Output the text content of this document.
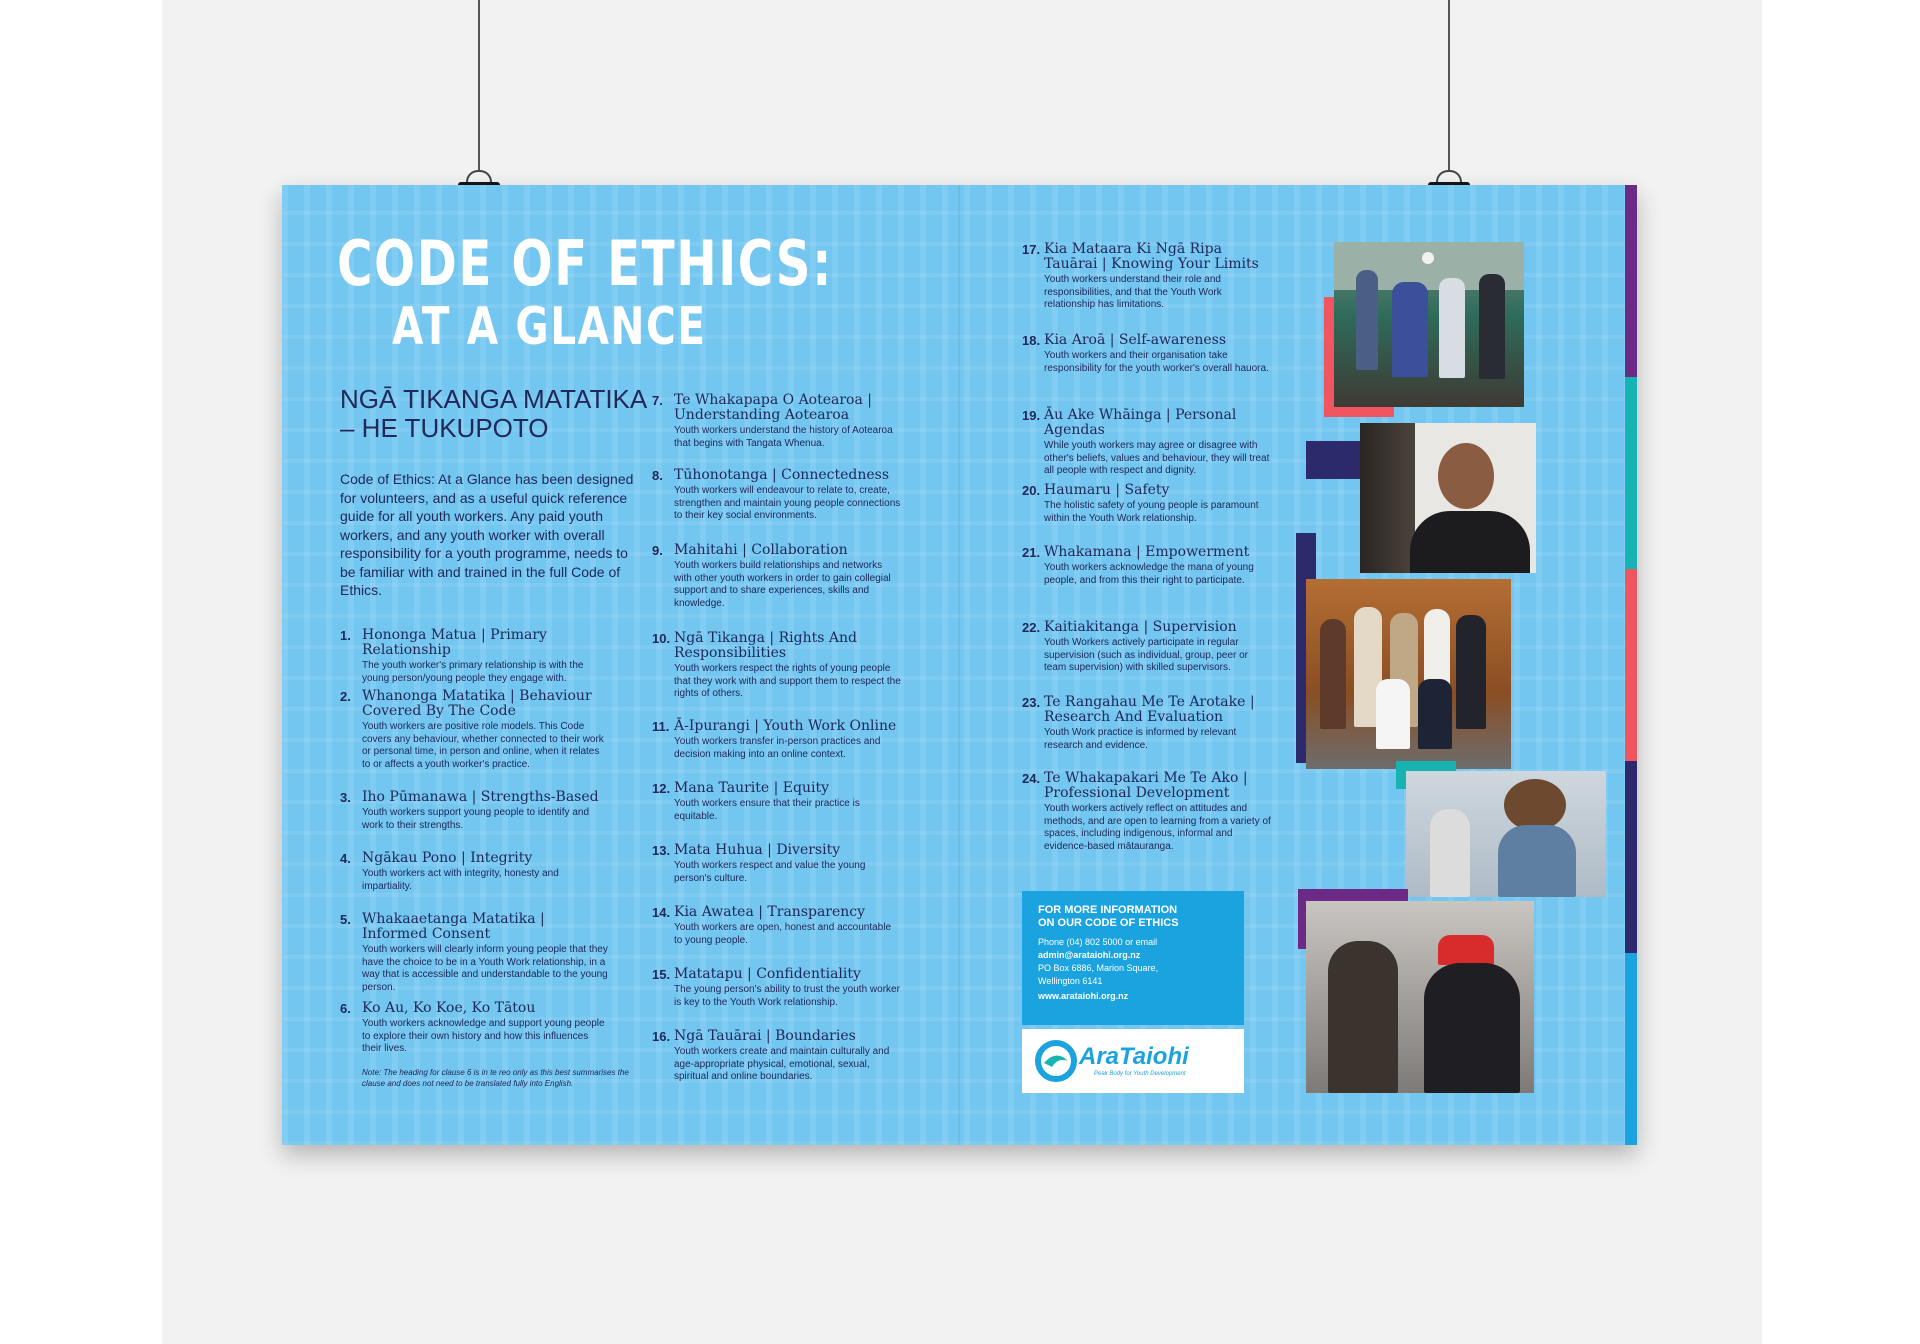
CODE OF ETHICS:
AT A GLANCE
NGĀ TIKANGA MATATIKA
– HE TUKUPOTO
Code of Ethics: At a Glance has been designed for volunteers, and as a useful quick reference guide for all youth workers. Any paid youth workers, and any youth worker with overall responsibility for a youth programme, needs to be familiar with and trained in the full Code of Ethics.
1. Hononga Matua | Primary Relationship
The youth worker's primary relationship is with the young person/young people they engage with.
2. Whanonga Matatika | Behaviour Covered By The Code
Youth workers are positive role models. This Code covers any behaviour, whether connected to their work or personal time, in person and online, when it relates to or affects a youth worker's practice.
3. Iho Pūmanawa | Strengths-Based
Youth workers support young people to identify and work to their strengths.
4. Ngākau Pono | Integrity
Youth workers act with integrity, honesty and impartiality.
5. Whakaaetanga Matatika | Informed Consent
Youth workers will clearly inform young people that they have the choice to be in a Youth Work relationship, in a way that is accessible and understandable to the young person.
6. Ko Au, Ko Koe, Ko Tātou
Youth workers acknowledge and support young people to explore their own history and how this influences their lives.
Note: The heading for clause 6 is in te reo only as this best summarises the clause and does not need to be translated fully into English.
7. Te Whakapapa O Aotearoa | Understanding Aotearoa
Youth workers understand the history of Aotearoa that begins with Tangata Whenua.
8. Tūhonotanga | Connectedness
Youth workers will endeavour to relate to, create, strengthen and maintain young people connections to their key social environments.
9. Mahitahi | Collaboration
Youth workers build relationships and networks with other youth workers in order to gain collegial support and to share experiences, skills and knowledge.
10. Ngā Tikanga | Rights And Responsibilities
Youth workers respect the rights of young people that they work with and support them to respect the rights of others.
11. Ā-Ipurangi | Youth Work Online
Youth workers transfer in-person practices and decision making into an online context.
12. Mana Taurite | Equity
Youth workers ensure that their practice is equitable.
13. Mata Huhua | Diversity
Youth workers respect and value the young person's culture.
14. Kia Awatea | Transparency
Youth workers are open, honest and accountable to young people.
15. Matatapu | Confidentiality
The young person's ability to trust the youth worker is key to the Youth Work relationship.
16. Ngā Tauārai | Boundaries
Youth workers create and maintain culturally and age-appropriate physical, emotional, sexual, spiritual and online boundaries.
17. Kia Mataara Ki Ngā Ripa Tauārai | Knowing Your Limits
Youth workers understand their role and responsibilities, and that the Youth Work relationship has limitations.
18. Kia Aroā | Self-awareness
Youth workers and their organisation take responsibility for the youth worker's overall hauora.
19. Āu Ake Whāinga | Personal Agendas
While youth workers may agree or disagree with other's beliefs, values and behaviour, they will treat all people with respect and dignity.
20. Haumaru | Safety
The holistic safety of young people is paramount within the Youth Work relationship.
21. Whakamana | Empowerment
Youth workers acknowledge the mana of young people, and from this their right to participate.
22. Kaitiakitanga | Supervision
Youth Workers actively participate in regular supervision (such as individual, group, peer or team supervision) with skilled supervisors.
23. Te Rangahau Me Te Arotake | Research And Evaluation
Youth Work practice is informed by relevant research and evidence.
24. Te Whakapakari Me Te Ako | Professional Development
Youth workers actively reflect on attitudes and methods, and are open to learning from a variety of spaces, including indigenous, informal and evidence-based mātauranga.
FOR MORE INFORMATION
ON OUR CODE OF ETHICS
Phone (04) 802 5000 or email
admin@arataiohi.org.nz
PO Box 6886, Marion Square,
Wellington 6141
www.arataiohi.org.nz
AraTaiohi
Peak Body for Youth Development
